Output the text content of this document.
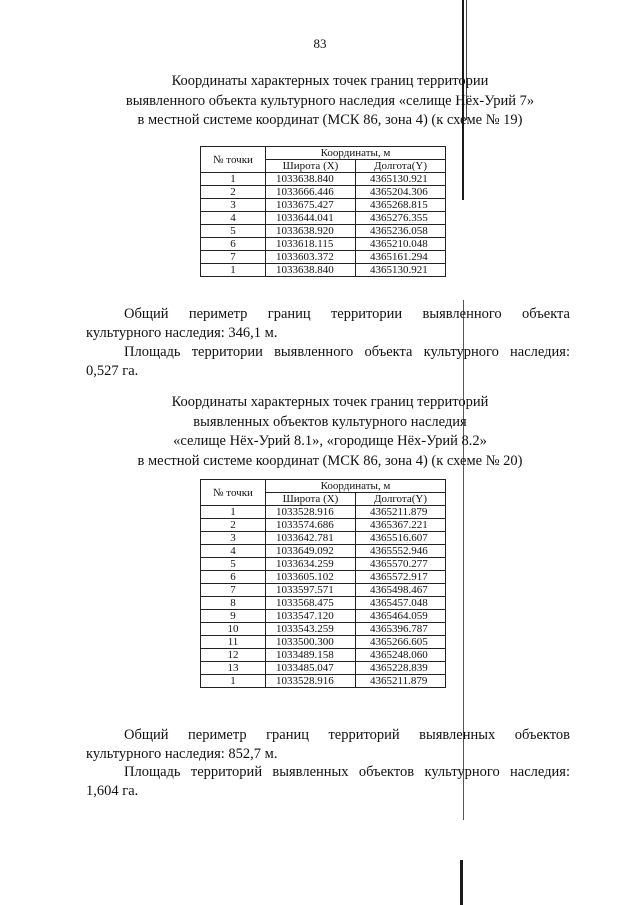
83
Координаты характерных точек границ территории
выявленного объекта культурного наследия «селище Нёх-Урий 7»
в местной системе координат (МСК 86, зона 4) (к схеме № 19)
№ точки	Координаты, м	
	Широта (X)	Долгота(Y)
1	1033638.840	4365130.921
2	1033666.446	4365204.306
3	1033675.427	4365268.815
4	1033644.041	4365276.355
5	1033638.920	4365236.058
6	1033618.115	4365210.048
7	1033603.372	4365161.294
1	1033638.840	4365130.921
Общий периметр границ территории выявленного объекта
культурного наследия: 346,1 м.
Площадь территории выявленного объекта культурного наследия:
0,527 га.
Координаты характерных точек границ территорий
выявленных объектов культурного наследия
«селище Нёх-Урий 8.1», «городище Нёх-Урий 8.2»
в местной системе координат (МСК 86, зона 4) (к схеме № 20)
№ точки	Координаты, м	
	Широта (X)	Долгота(Y)
1	1033528.916	4365211.879
2	1033574.686	4365367.221
3	1033642.781	4365516.607
4	1033649.092	4365552.946
5	1033634.259	4365570.277
6	1033605.102	4365572.917
7	1033597.571	4365498.467
8	1033568.475	4365457.048
9	1033547.120	4365464.059
10	1033543.259	4365396.787
11	1033500.300	4365266.605
12	1033489.158	4365248.060
13	1033485.047	4365228.839
1	1033528.916	4365211.879
Общий периметр границ территорий выявленных объектов
культурного наследия: 852,7 м.
Площадь территорий выявленных объектов культурного наследия:
1,604 га.
